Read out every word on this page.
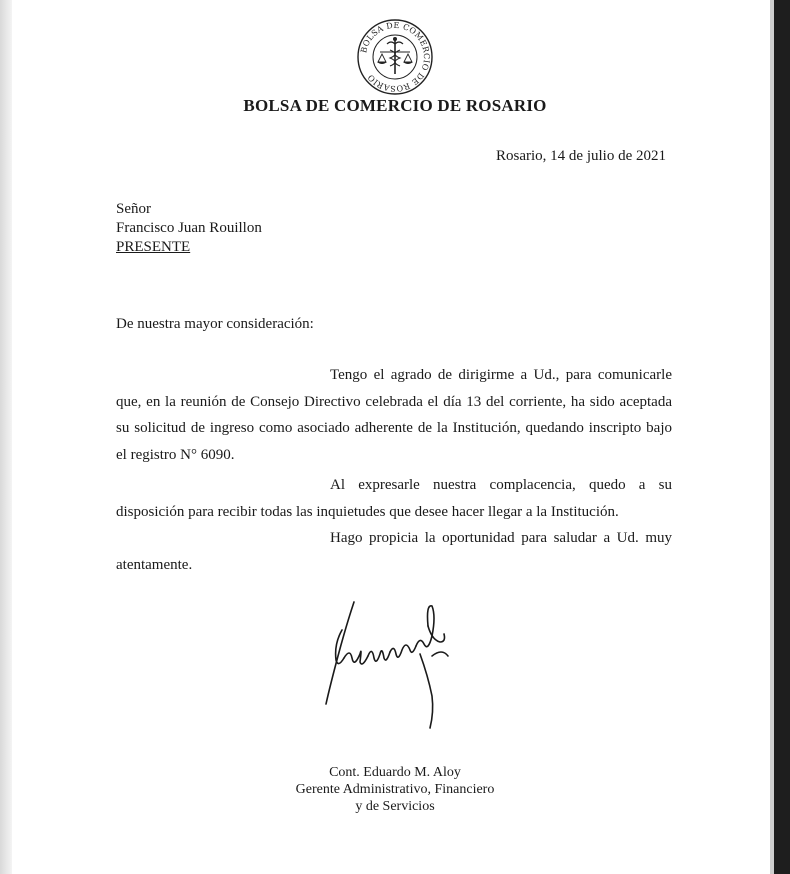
BOLSA DE COMERCIO DE ROSARIO
BOLSA DE COMERCIO DE ROSARIO
Rosario, 14 de julio de 2021
Señor
Francisco Juan Rouillon
PRESENTE
De nuestra mayor consideración:

Tengo el agrado de dirigirme a Ud., para comunicarle que, en la reunión de Consejo Directivo celebrada el día 13 del corriente, ha sido aceptada su solicitud de ingreso como asociado adherente de la Institución, quedando inscripto bajo el registro N° 6090.

Al expresarle nuestra complacencia, quedo a su disposición para recibir todas las inquietudes que desee hacer llegar a la Institución.

Hago propicia la oportunidad para saludar a Ud. muy atentamente.

Cont. Eduardo M. Aloy
Gerente Administrativo, Financiero
y de Servicios
